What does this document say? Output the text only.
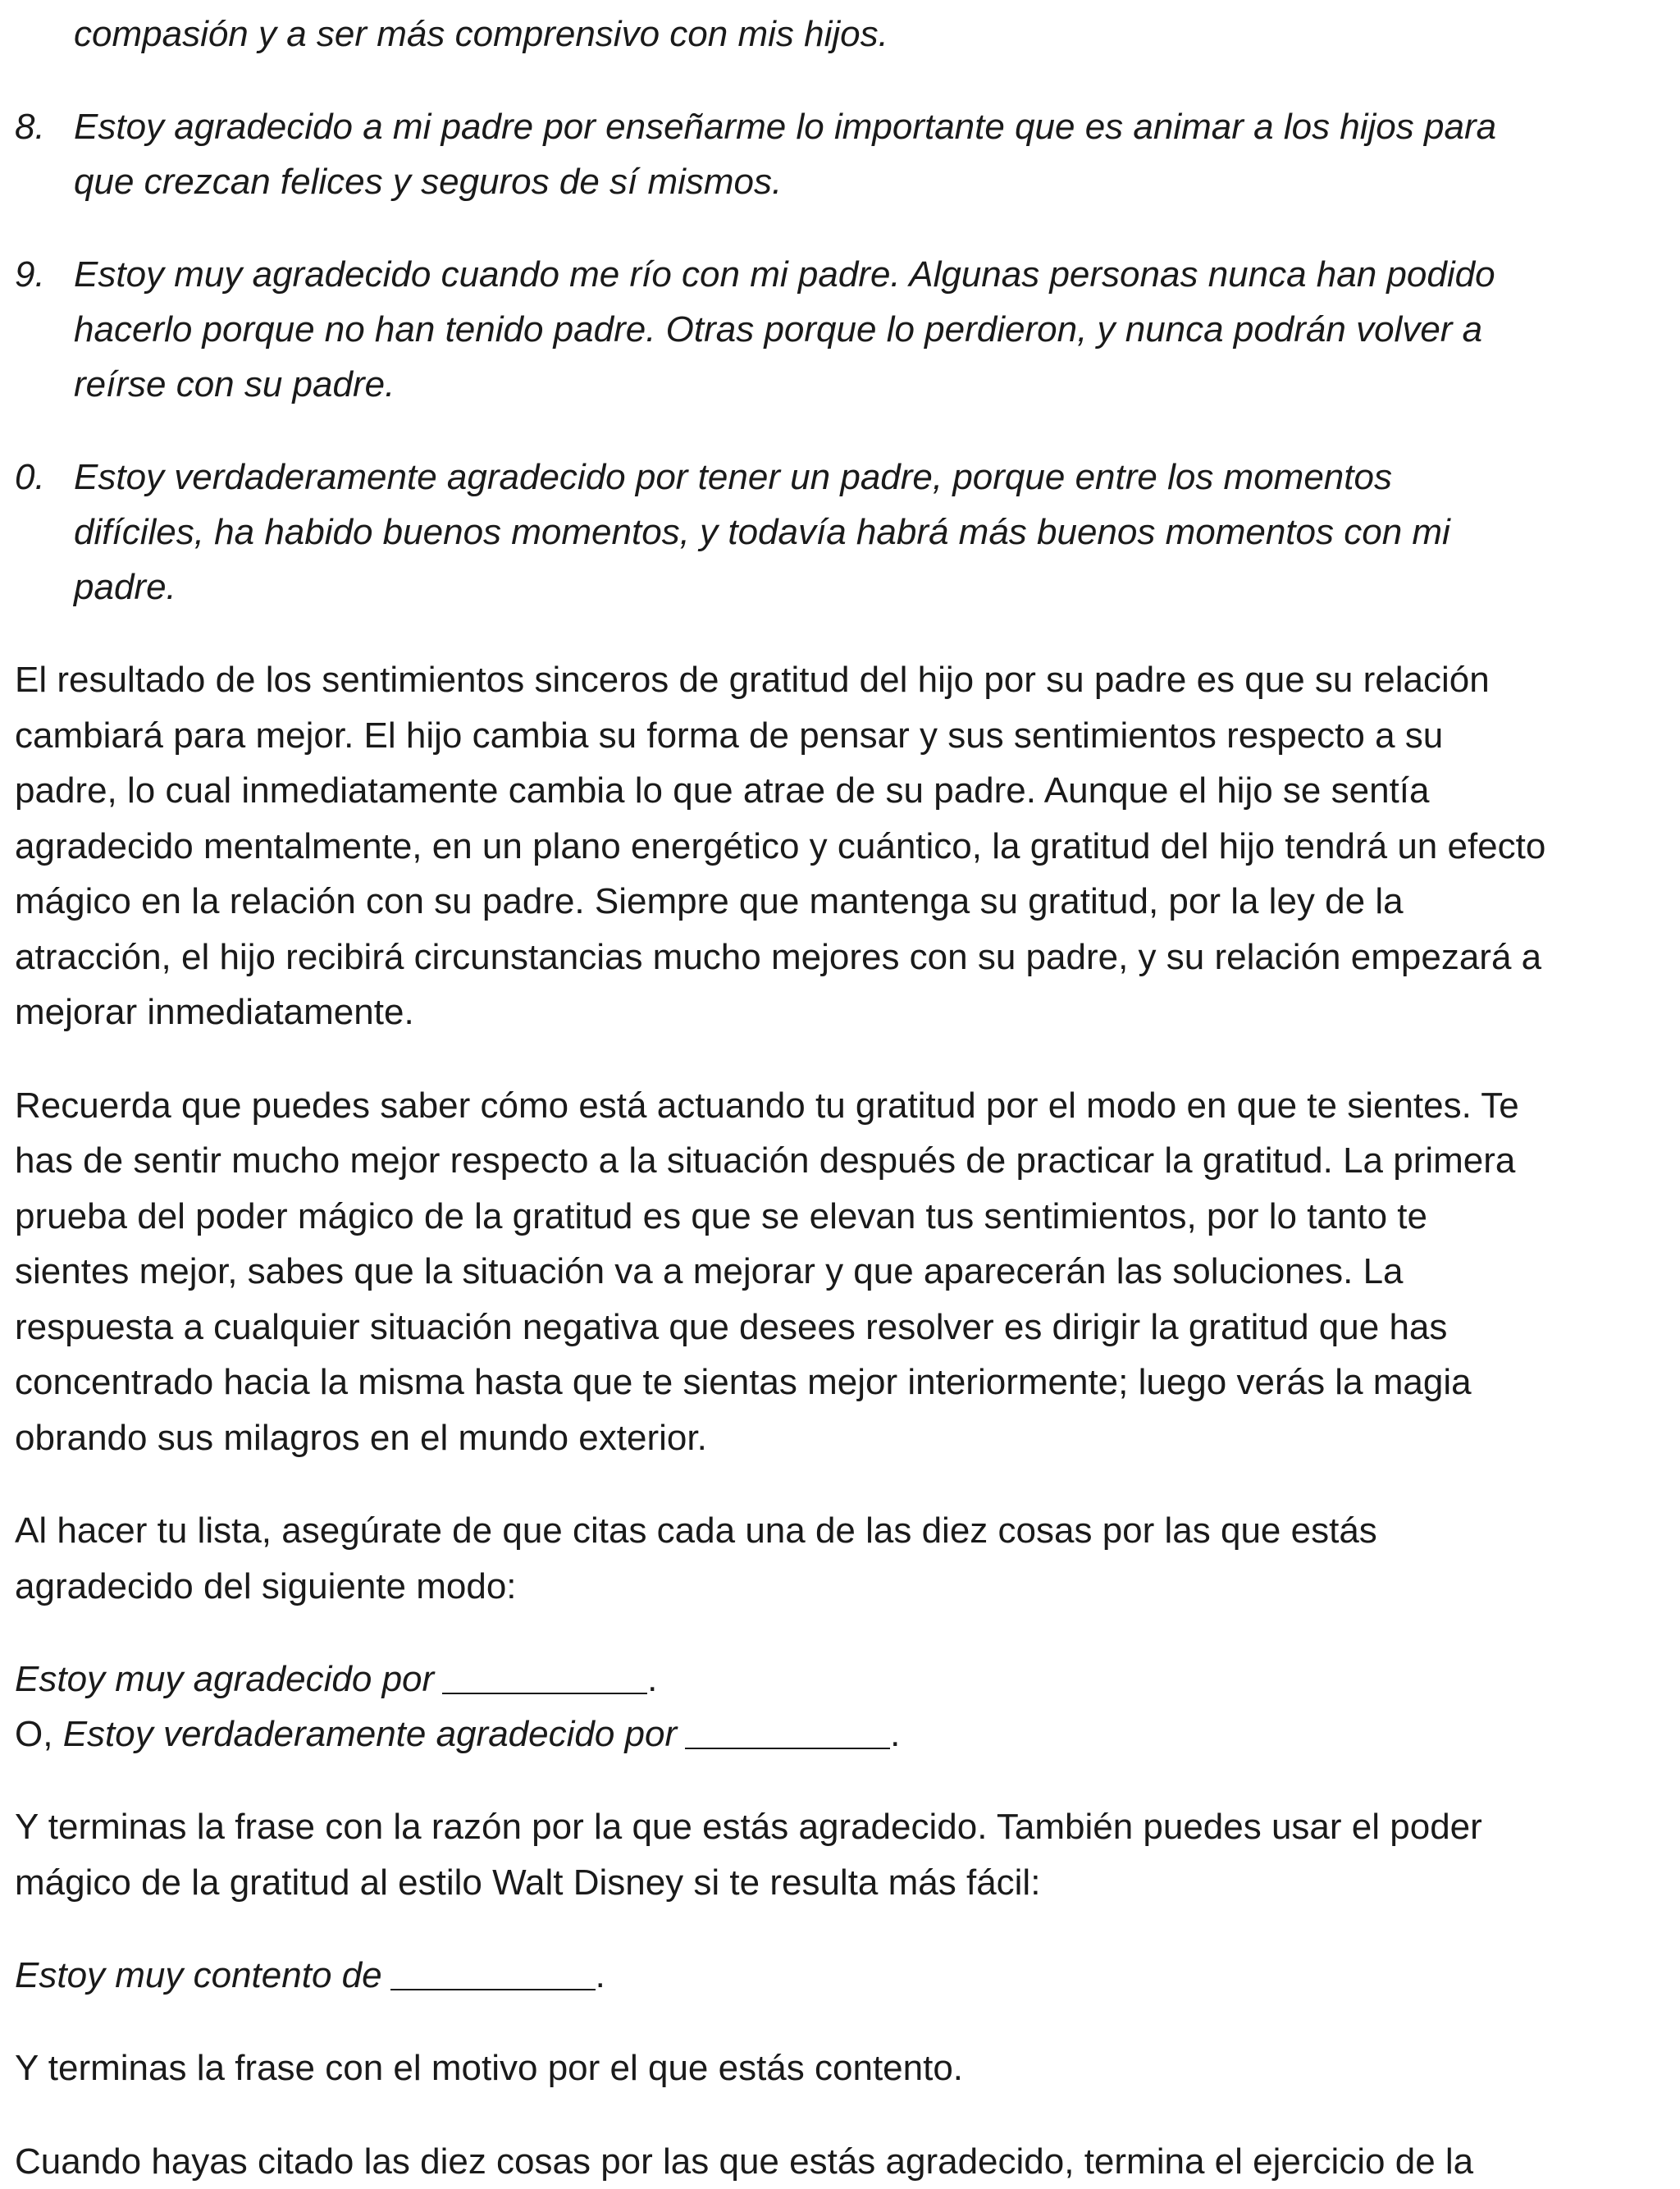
compasión y a ser más comprensivo con mis hijos.
8. Estoy agradecido a mi padre por enseñarme lo importante que es animar a los hijos para
que crezcan felices y seguros de sí mismos.
9. Estoy muy agradecido cuando me río con mi padre. Algunas personas nunca han podido
hacerlo porque no han tenido padre. Otras porque lo perdieron, y nunca podrán volver a
reírse con su padre.
0. Estoy verdaderamente agradecido por tener un padre, porque entre los momentos
difíciles, ha habido buenos momentos, y todavía habrá más buenos momentos con mi
padre.
El resultado de los sentimientos sinceros de gratitud del hijo por su padre es que su relación
cambiará para mejor. El hijo cambia su forma de pensar y sus sentimientos respecto a su
padre, lo cual inmediatamente cambia lo que atrae de su padre. Aunque el hijo se sentía
agradecido mentalmente, en un plano energético y cuántico, la gratitud del hijo tendrá un efecto
mágico en la relación con su padre. Siempre que mantenga su gratitud, por la ley de la
atracción, el hijo recibirá circunstancias mucho mejores con su padre, y su relación empezará a
mejorar inmediatamente.
Recuerda que puedes saber cómo está actuando tu gratitud por el modo en que te sientes. Te
has de sentir mucho mejor respecto a la situación después de practicar la gratitud. La primera
prueba del poder mágico de la gratitud es que se elevan tus sentimientos, por lo tanto te
sientes mejor, sabes que la situación va a mejorar y que aparecerán las soluciones. La
respuesta a cualquier situación negativa que desees resolver es dirigir la gratitud que has
concentrado hacia la misma hasta que te sientas mejor interiormente; luego verás la magia
obrando sus milagros en el mundo exterior.
Al hacer tu lista, asegúrate de que citas cada una de las diez cosas por las que estás
agradecido del siguiente modo:
Estoy muy agradecido por	.
O, Estoy verdaderamente agradecido por	.
Y terminas la frase con la razón por la que estás agradecido. También puedes usar el poder
mágico de la gratitud al estilo Walt Disney si te resulta más fácil:
Estoy muy contento de	.
Y terminas la frase con el motivo por el que estás contento.
Cuando hayas citado las diez cosas por las que estás agradecido, termina el ejercicio de la
